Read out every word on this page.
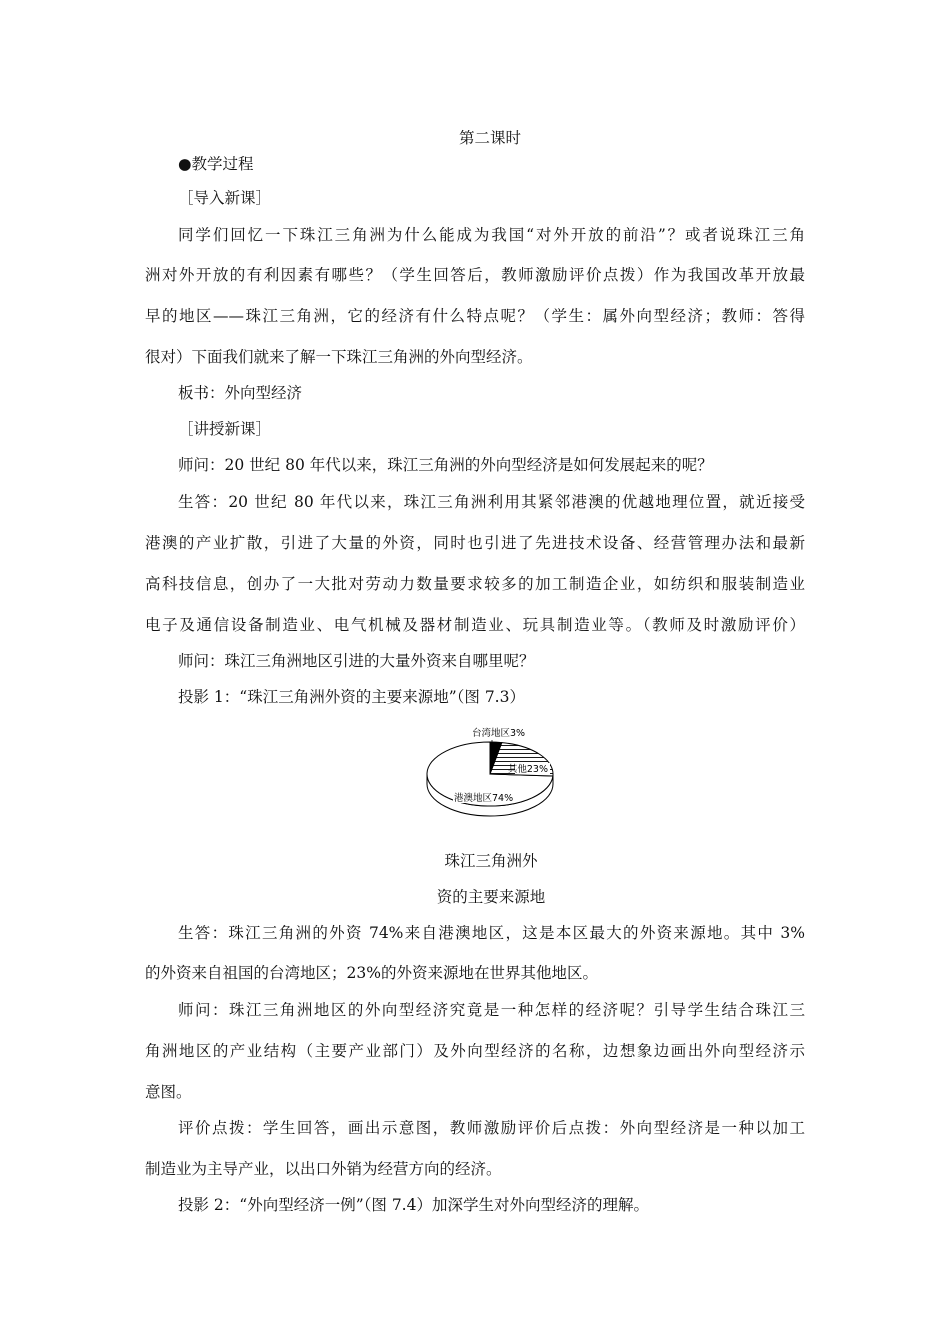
第二课时
●教学过程
［导入新课］
同学们回忆一下珠江三角洲为什么能成为我国“对外开放的前沿”？或者说珠江三角
洲对外开放的有利因素有哪些？（学生回答后，教师激励评价点拨）作为我国改革开放最
早的地区——珠江三角洲，它的经济有什么特点呢？（学生：属外向型经济；教师：答得
很对）下面我们就来了解一下珠江三角洲的外向型经济。
板书：外向型经济
［讲授新课］
师问：20 世纪 80 年代以来，珠江三角洲的外向型经济是如何发展起来的呢？
生答：20 世纪 80 年代以来，珠江三角洲利用其紧邻港澳的优越地理位置，就近接受
港澳的产业扩散，引进了大量的外资，同时也引进了先进技术设备、经营管理办法和最新
高科技信息，创办了一大批对劳动力数量要求较多的加工制造企业，如纺织和服装制造业
电子及通信设备制造业、电气机械及器材制造业、玩具制造业等。（教师及时激励评价）
师问：珠江三角洲地区引进的大量外资来自哪里呢？
投影 1：“珠江三角洲外资的主要来源地”（图 7.3）
台湾地区3%
其他23%
港澳地区74%
珠江三角洲外
资的主要来源地
生答：珠江三角洲的外资 74%来自港澳地区，这是本区最大的外资来源地。其中 3%
的外资来自祖国的台湾地区；23%的外资来源地在世界其他地区。
师问：珠江三角洲地区的外向型经济究竟是一种怎样的经济呢？引导学生结合珠江三
角洲地区的产业结构（主要产业部门）及外向型经济的名称，边想象边画出外向型经济示
意图。
评价点拨：学生回答，画出示意图，教师激励评价后点拨：外向型经济是一种以加工
制造业为主导产业，以出口外销为经营方向的经济。
投影 2：“外向型经济一例”（图 7.4）加深学生对外向型经济的理解。
